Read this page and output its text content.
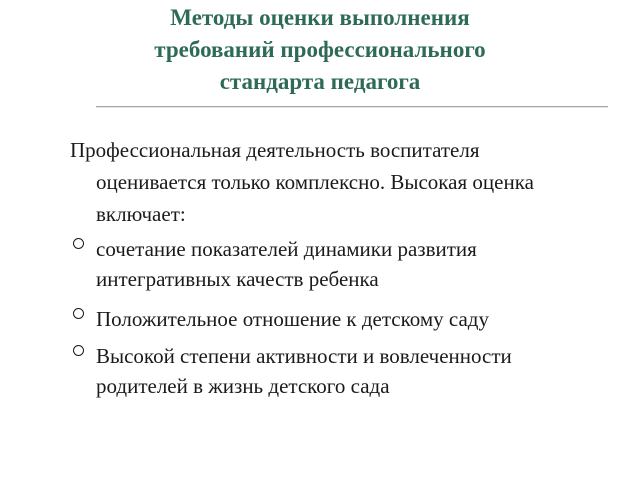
Методы оценки выполнения
требований профессионального
стандарта педагога
Профессиональная деятельность воспитателя
оценивается только комплексно. Высокая оценка
включает:
сочетание показателей динамики развития
интегративных качеств ребенка
Положительное отношение к детскому саду
Высокой степени активности и вовлеченности
родителей в жизнь детского сада
